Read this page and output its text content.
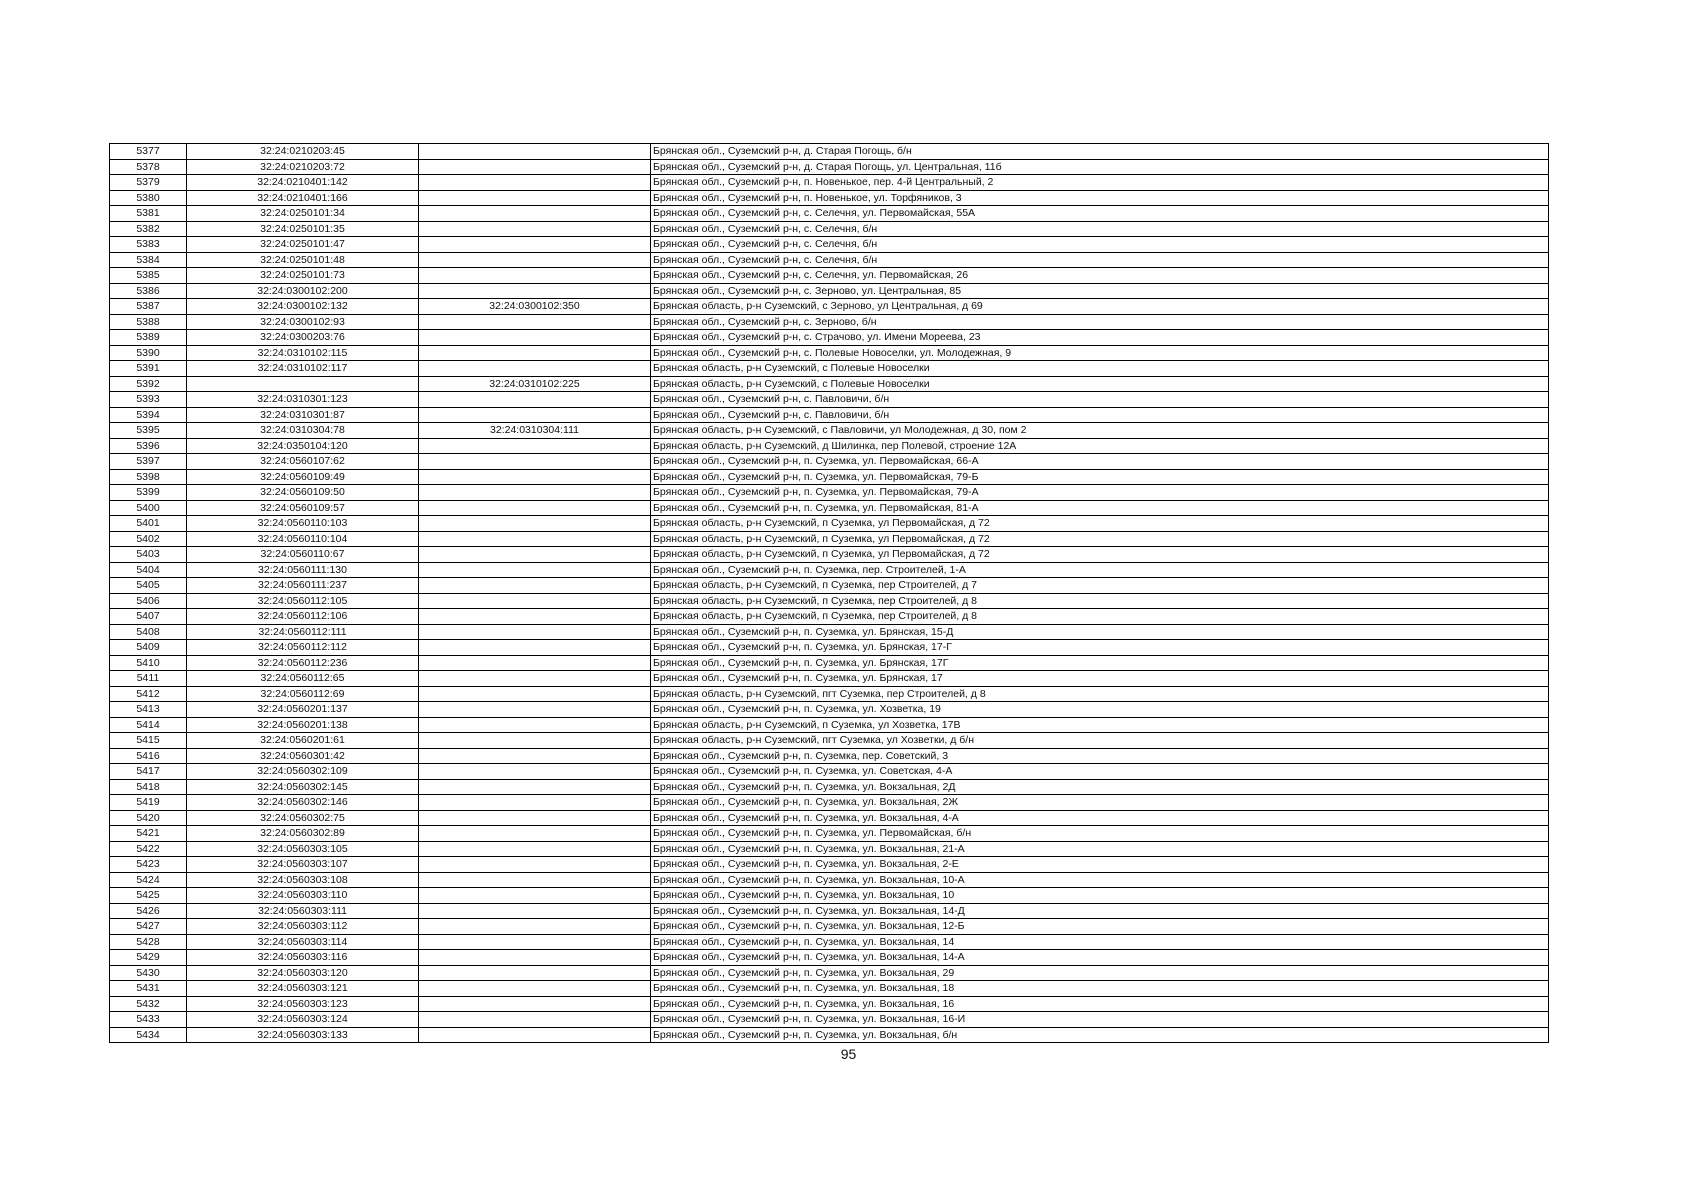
5377	32:24:0210203:45		Брянская обл., Суземский р-н, д. Старая Погощь, б/н
5378	32:24:0210203:72		Брянская обл., Суземский р-н, д. Старая Погощь, ул. Центральная, 11б
5379	32:24:0210401:142		Брянская обл., Суземский р-н, п. Новенькое, пер. 4-й Центральный, 2
5380	32:24:0210401:166		Брянская обл., Суземский р-н, п. Новенькое, ул. Торфяников, 3
5381	32:24:0250101:34		Брянская обл., Суземский р-н, с. Селечня, ул. Первомайская, 55А
5382	32:24:0250101:35		Брянская обл., Суземский р-н, с. Селечня, б/н
5383	32:24:0250101:47		Брянская обл., Суземский р-н, с. Селечня, б/н
5384	32:24:0250101:48		Брянская обл., Суземский р-н, с. Селечня, б/н
5385	32:24:0250101:73		Брянская обл., Суземский р-н, с. Селечня, ул. Первомайская, 26
5386	32:24:0300102:200		Брянская обл., Суземский р-н, с. Зерново, ул. Центральная, 85
5387	32:24:0300102:132	32:24:0300102:350	Брянская область, р-н Суземский, с Зерново, ул Центральная, д 69
5388	32:24:0300102:93		Брянская обл., Суземский р-н, с. Зерново, б/н
5389	32:24:0300203:76		Брянская обл., Суземский р-н, с. Страчово, ул. Имени Мореева, 23
5390	32:24:0310102:115		Брянская обл., Суземский р-н, с. Полевые Новоселки, ул. Молодежная, 9
5391	32:24:0310102:117		Брянская область, р-н Суземский, с Полевые Новоселки
5392		32:24:0310102:225	Брянская область, р-н Суземский, с Полевые Новоселки
5393	32:24:0310301:123		Брянская обл., Суземский р-н, с. Павловичи, б/н
5394	32:24:0310301:87		Брянская обл., Суземский р-н, с. Павловичи, б/н
5395	32:24:0310304:78	32:24:0310304:111	Брянская область, р-н Суземский, с Павловичи, ул Молодежная, д 30, пом 2
5396	32:24:0350104:120		Брянская область, р-н Суземский, д Шилинка, пер Полевой, строение 12А
5397	32:24:0560107:62		Брянская обл., Суземский р-н, п. Суземка, ул. Первомайская, 66-А
5398	32:24:0560109:49		Брянская обл., Суземский р-н, п. Суземка, ул. Первомайская, 79-Б
5399	32:24:0560109:50		Брянская обл., Суземский р-н, п. Суземка, ул. Первомайская, 79-А
5400	32:24:0560109:57		Брянская обл., Суземский р-н, п. Суземка, ул. Первомайская, 81-А
5401	32:24:0560110:103		Брянская область, р-н Суземский, п Суземка, ул Первомайская, д 72
5402	32:24:0560110:104		Брянская область, р-н Суземский, п Суземка, ул Первомайская, д 72
5403	32:24:0560110:67		Брянская область, р-н Суземский, п Суземка, ул Первомайская, д 72
5404	32:24:0560111:130		Брянская обл., Суземский р-н, п. Суземка, пер. Строителей, 1-А
5405	32:24:0560111:237		Брянская область, р-н Суземский, п Суземка, пер Строителей, д 7
5406	32:24:0560112:105		Брянская область, р-н Суземский, п Суземка, пер Строителей, д 8
5407	32:24:0560112:106		Брянская область, р-н Суземский, п Суземка, пер Строителей, д 8
5408	32:24:0560112:111		Брянская обл., Суземский р-н, п. Суземка, ул. Брянская, 15-Д
5409	32:24:0560112:112		Брянская обл., Суземский р-н, п. Суземка, ул. Брянская, 17-Г
5410	32:24:0560112:236		Брянская обл., Суземский р-н, п. Суземка, ул. Брянская, 17Г
5411	32:24:0560112:65		Брянская обл., Суземский р-н, п. Суземка, ул. Брянская, 17
5412	32:24:0560112:69		Брянская область, р-н Суземский, пгт Суземка, пер Строителей, д 8
5413	32:24:0560201:137		Брянская обл., Суземский р-н, п. Суземка, ул. Хозветка, 19
5414	32:24:0560201:138		Брянская область, р-н Суземский, п Суземка, ул Хозветка, 17В
5415	32:24:0560201:61		Брянская область, р-н Суземский, пгт Суземка, ул Хозветки, д б/н
5416	32:24:0560301:42		Брянская обл., Суземский р-н, п. Суземка, пер. Советский, 3
5417	32:24:0560302:109		Брянская обл., Суземский р-н, п. Суземка, ул. Советская, 4-А
5418	32:24:0560302:145		Брянская обл., Суземский р-н, п. Суземка, ул. Вокзальная, 2Д
5419	32:24:0560302:146		Брянская обл., Суземский р-н, п. Суземка, ул. Вокзальная, 2Ж
5420	32:24:0560302:75		Брянская обл., Суземский р-н, п. Суземка, ул. Вокзальная, 4-А
5421	32:24:0560302:89		Брянская обл., Суземский р-н, п. Суземка, ул. Первомайская, б/н
5422	32:24:0560303:105		Брянская обл., Суземский р-н, п. Суземка, ул. Вокзальная, 21-А
5423	32:24:0560303:107		Брянская обл., Суземский р-н, п. Суземка, ул. Вокзальная, 2-Е
5424	32:24:0560303:108		Брянская обл., Суземский р-н, п. Суземка, ул. Вокзальная, 10-А
5425	32:24:0560303:110		Брянская обл., Суземский р-н, п. Суземка, ул. Вокзальная, 10
5426	32:24:0560303:111		Брянская обл., Суземский р-н, п. Суземка, ул. Вокзальная, 14-Д
5427	32:24:0560303:112		Брянская обл., Суземский р-н, п. Суземка, ул. Вокзальная, 12-Б
5428	32:24:0560303:114		Брянская обл., Суземский р-н, п. Суземка, ул. Вокзальная, 14
5429	32:24:0560303:116		Брянская обл., Суземский р-н, п. Суземка, ул. Вокзальная, 14-А
5430	32:24:0560303:120		Брянская обл., Суземский р-н, п. Суземка, ул. Вокзальная, 29
5431	32:24:0560303:121		Брянская обл., Суземский р-н, п. Суземка, ул. Вокзальная, 18
5432	32:24:0560303:123		Брянская обл., Суземский р-н, п. Суземка, ул. Вокзальная, 16
5433	32:24:0560303:124		Брянская обл., Суземский р-н, п. Суземка, ул. Вокзальная, 16-И
5434	32:24:0560303:133		Брянская обл., Суземский р-н, п. Суземка, ул. Вокзальная, б/н
95
